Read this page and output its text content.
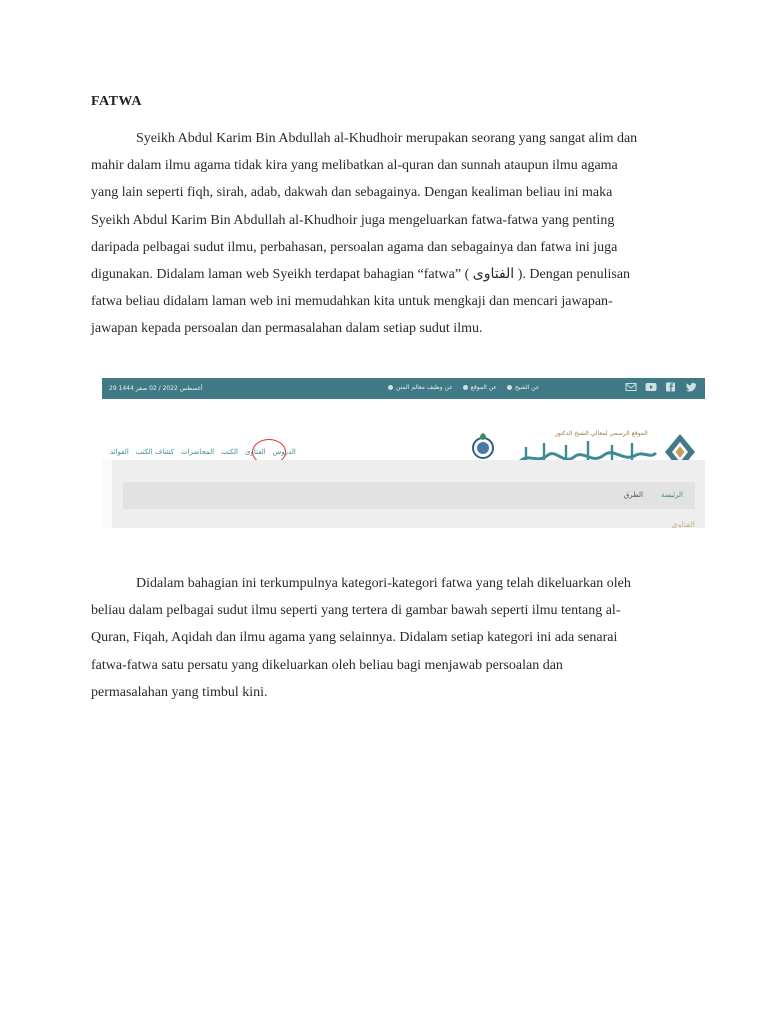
FATWA
Syeikh Abdul Karim Bin Abdullah al-Khudhoir merupakan seorang yang sangat alim dan
mahir dalam ilmu agama tidak kira yang melibatkan al-quran dan sunnah ataupun ilmu agama
yang lain seperti fiqh, sirah, adab, dakwah dan sebagainya. Dengan kealiman beliau ini maka
Syeikh Abdul Karim Bin Abdullah al-Khudhoir juga mengeluarkan fatwa-fatwa yang penting
daripada pelbagai sudut ilmu, perbahasan, persoalan agama dan sebagainya dan fatwa ini juga
digunakan. Didalam laman web Syeikh terdapat bahagian “fatwa” ( الفتاوى ). Dengan penulisan
fatwa beliau didalam laman web ini memudahkan kita untuk mengkaji dan mencari jawapan-
jawapan kepada persoalan dan permasalahan dalam setiap sudut ilmu.
29 أغسطس 2022 / 02 صفر 1444	عن وظيف معالم المتن	عن الموقع	عن الشيخ
الفوائد كشاف الكتب المحاضرات الكتب الفتاوى الدروس
الموقع الرسمي لمعالي الشيخ الدكتور
الرئيسة
الطرق
الفتاوى
Didalam bahagian ini terkumpulnya kategori-kategori fatwa yang telah dikeluarkan oleh
beliau dalam pelbagai sudut ilmu seperti yang tertera di gambar bawah seperti ilmu tentang al-
Quran, Fiqah, Aqidah dan ilmu agama yang selainnya. Didalam setiap kategori ini ada senarai
fatwa-fatwa satu persatu yang dikeluarkan oleh beliau bagi menjawab persoalan dan
permasalahan yang timbul kini.
